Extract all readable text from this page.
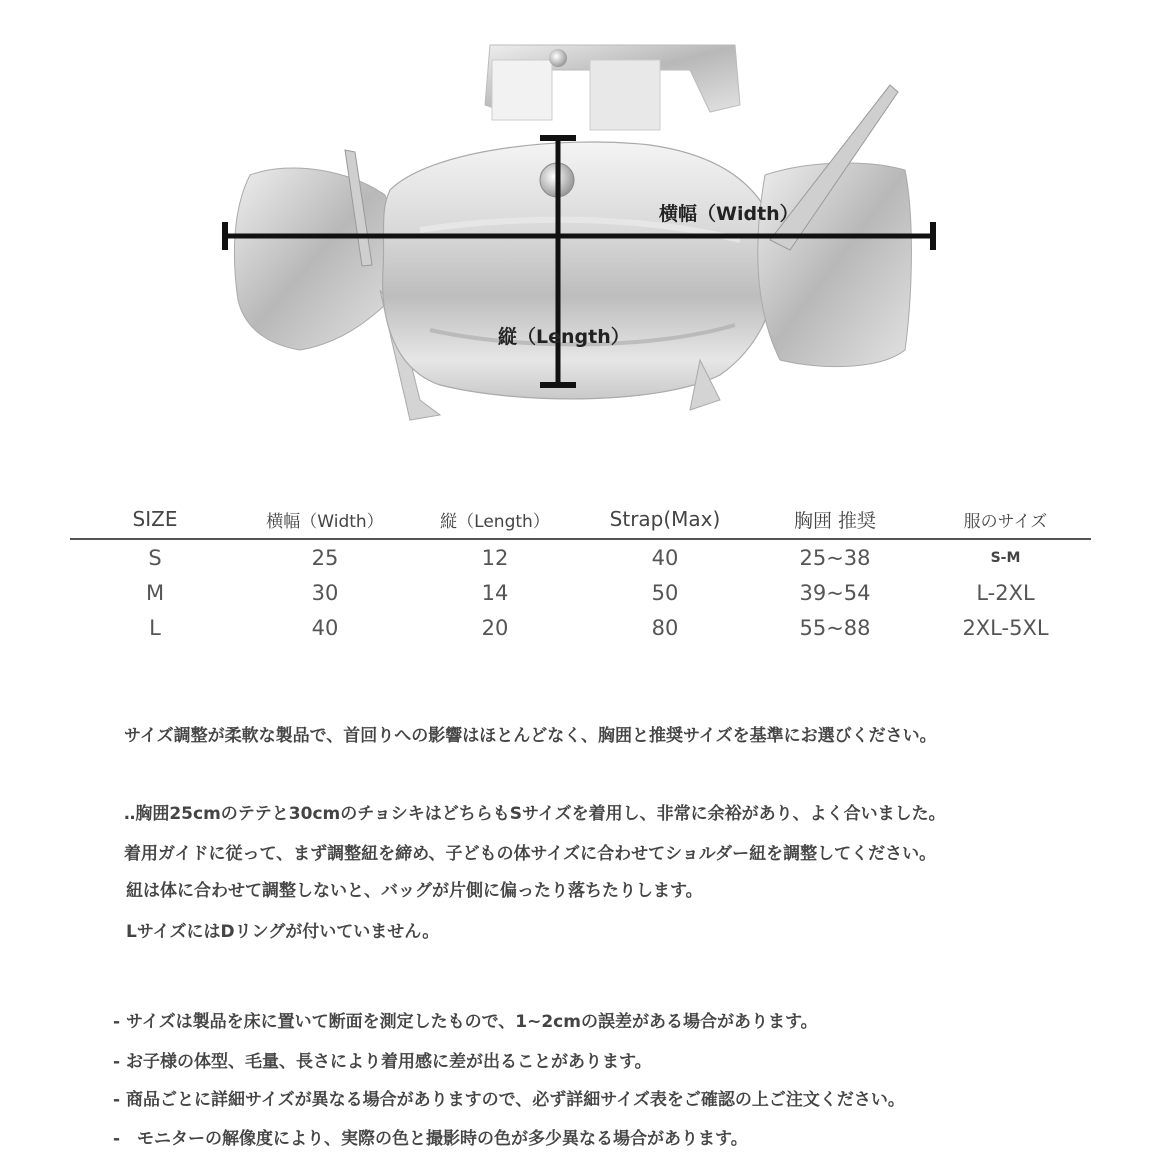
横幅（Width）
縦（Length）
SIZE	横幅（Width）	縦（Length）	Strap(Max)	胸囲 推奨	服のサイズ
S	25	12	40	25~38	S-M
M	30	14	50	39~54	L-2XL
L	40	20	80	55~88	2XL-5XL
サイズ調整が柔軟な製品で、首回りへの影響はほとんどなく、胸囲と推奨サイズを基準にお選びください。
‥胸囲25cmのテテと30cmのチョシキはどちらもSサイズを着用し、非常に余裕があり、よく合いました。
着用ガイドに従って、まず調整紐を締め、子どもの体サイズに合わせてショルダー紐を調整してください。
紐は体に合わせて調整しないと、バッグが片側に偏ったり落ちたりします。
LサイズにはDリングが付いていません。
- サイズは製品を床に置いて断面を測定したもので、1~2cmの誤差がある場合があります。
- お子様の体型、毛量、長さにより着用感に差が出ることがあります。
- 商品ごとに詳細サイズが異なる場合がありますので、必ず詳細サイズ表をご確認の上ご注文ください。
-　モニターの解像度により、実際の色と撮影時の色が多少異なる場合があります。
